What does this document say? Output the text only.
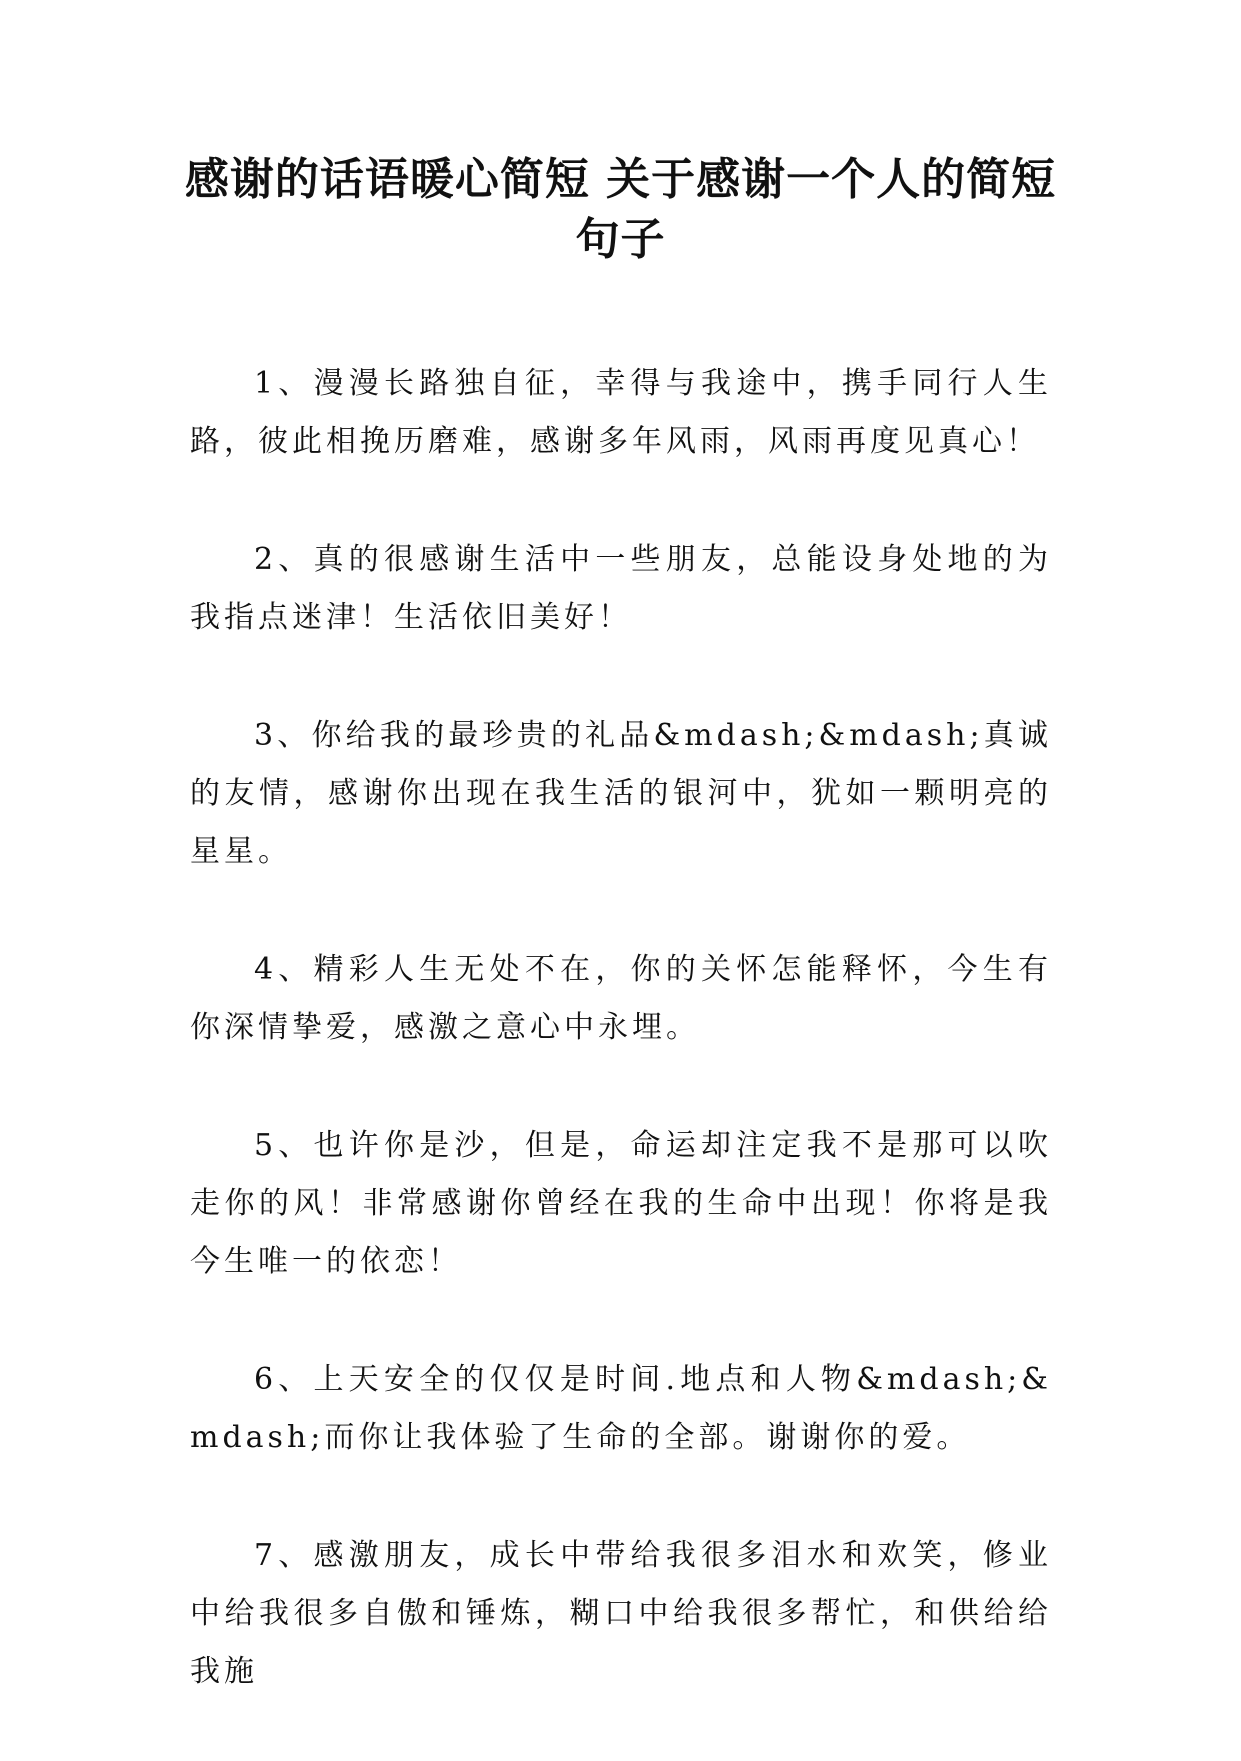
感谢的话语暖心简短 关于感谢一个人的简短句子

1、漫漫长路独自征，幸得与我途中，携手同行人生路，彼此相挽历磨难，感谢多年风雨，风雨再度见真心！

2、真的很感谢生活中一些朋友，总能设身处地的为我指点迷津！生活依旧美好！

3、你给我的最珍贵的礼品&mdash;&mdash;真诚的友情，感谢你出现在我生活的银河中，犹如一颗明亮的星星。

4、精彩人生无处不在，你的关怀怎能释怀，今生有你深情挚爱，感激之意心中永埋。

5、也许你是沙，但是，命运却注定我不是那可以吹走你的风！非常感谢你曾经在我的生命中出现！你将是我今生唯一的依恋！

6、上天安全的仅仅是时间.地点和人物&mdash;&mdash;而你让我体验了生命的全部。谢谢你的爱。

7、感激朋友，成长中带给我很多泪水和欢笑，修业中给我很多自傲和锤炼，糊口中给我很多帮忙，和供给给我施
